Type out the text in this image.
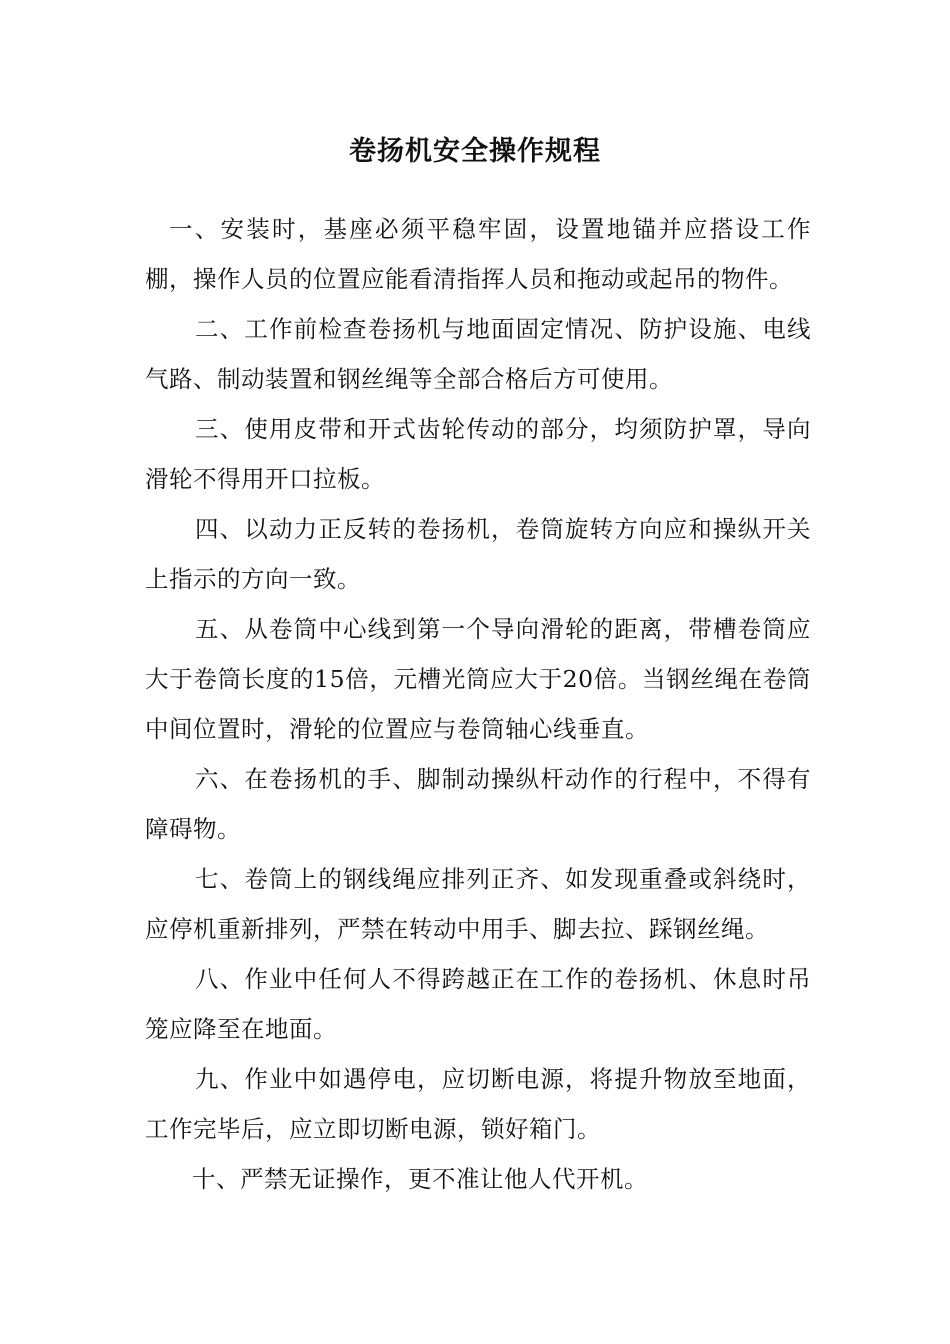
卷扬机安全操作规程

一、安装时，基座必须平稳牢固，设置地锚并应搭设工作棚，操作人员的位置应能看清指挥人员和拖动或起吊的物件。

二、工作前检查卷扬机与地面固定情况、防护设施、电线气路、制动装置和钢丝绳等全部合格后方可使用。

三、使用皮带和开式齿轮传动的部分，均须防护罩，导向滑轮不得用开口拉板。

四、以动力正反转的卷扬机，卷筒旋转方向应和操纵开关上指示的方向一致。

五、从卷筒中心线到第一个导向滑轮的距离，带槽卷筒应大于卷筒长度的15倍，元槽光筒应大于20倍。当钢丝绳在卷筒中间位置时，滑轮的位置应与卷筒轴心线垂直。

六、在卷扬机的手、脚制动操纵杆动作的行程中，不得有障碍物。

七、卷筒上的钢线绳应排列正齐、如发现重叠或斜绕时，应停机重新排列，严禁在转动中用手、脚去拉、踩钢丝绳。

八、作业中任何人不得跨越正在工作的卷扬机、休息时吊笼应降至在地面。

九、作业中如遇停电，应切断电源，将提升物放至地面，工作完毕后，应立即切断电源，锁好箱门。

十、严禁无证操作，更不准让他人代开机。
